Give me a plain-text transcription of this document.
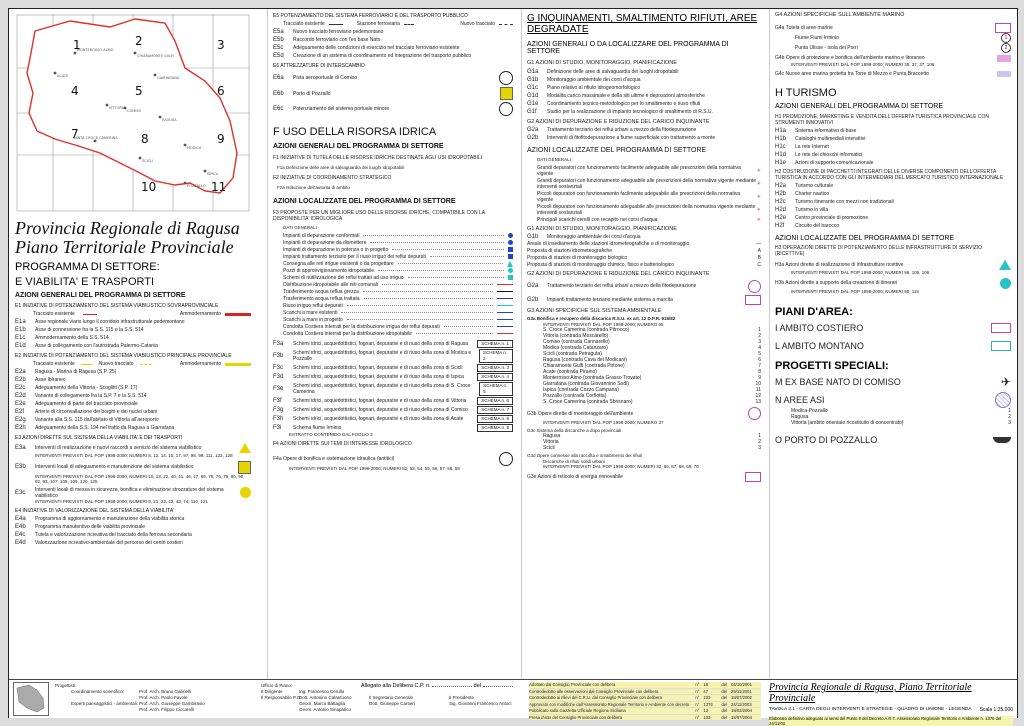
ACATE
CHIARAMONTE GULFI
GIARRATANA
MONTEROSSO ALMO
VITTORIA
COMISO
RAGUSA
SANTA CROCE CAMERINA
SCICLI
ISPICA
POZZALLO
MODICA
1	2	3
4	5	6
7	8	9
10	11
Provincia Regionale di Ragusa
Piano Territoriale Provinciale
PROGRAMMA DI SETTORE:
E VIABILITA' E TRASPORTI
AZIONI GENERALI DEL PROGRAMMA DI SETTORE
E1 INIZIATIVE DI POTENZIAMENTO DEL SISTEMA VIABILISTICO SOVRAPROVINCIALE
Tracciato esistente	Ammodernamento
E1a	Asse regionale viario lungo il corridoio infrastrutturale pedemontano
E1b	Asse di connessione fra la S.S. 115 e la S.S. 514
E1c	Ammodernamento della S.S. 514
E1d	Asse di collegamento con l'autostrada Palermo-Catania
E2 INIZIATIVE DI POTENZIAMENTO DEL SISTEMA VIABILISTICO PRINCIPALE PROVINCIALE
Tracciato esistente	Nuovo tracciato	Ammodernamento
E2a	Ragusa - Marina di Ragusa (S.P. 25)
E2b	Asse Iblraneo
E2c	Adeguamento della Vittoria - Scoglitti (S.P. 17)
E2d	Variante di collegamento fra la S.P. 7 e la S.S. 514
E2e	Adeguamento di parte del tracciato provinciale
E2f	Arterie di circonvallazione dei borghi e dei nuclei urbani
E2g	Variante alla S.S. 115 dall'abitato di Vittoria all'aeroporto
E2h	Adeguamento della S.S. 194 nel tratto da Ragusa a Giarratana
E3 AZIONI DIRETTE SUL SISTEMA DELLA VIABILITA' E DEI TRASPORTI
E3a	Interventi di realizzazione e nuovi raccordi a servizio del sistema viabilistico
INTERVENTI PREVISTI DAL POP 1998-2000; NUMERI 8, 12, 14, 15, 17, 97, 98, 99, 111, 122, 128
E3b	Interventi locali di adeguamento e manutenzione del sistema viabilistico
INTERVENTI PREVISTI DAL POP 1998-2000; NUMERI 10, 13, 22, 40, 41, 46, 47, 69, 75, 76, 79, 80, 90, 92, 93, 107, 108, 109, 120, 125
E3c	Interventi locali di messa in sicurezza, bonifica e eliminazione strozzature del sistema viabilistico
INTERVENTI PREVISTI DAL POP 1998-2000; NUMERI 9, 21, 23, 42, 43, 74, 110, 121
E4 INIZIATIVE DI VALORIZZAZIONE DEL SISTEMA DELLA VIABILITA'
E4a	Programma di aggiornamento e manutenzione della viabilita storica
E4b	Programma manutentivo delle viabilita provinciale
E4c	Tutela e valorizzazione ricreativa del tracciato della ferrovia secondaria
E4d	Valorizzazione ricreativo-ambientale del percorso dei centri costieri
E5 POTENZIAMENTO DEL SISTEMA FERROVIARIO E DEL TRASPORTO PUBBLICO
Tracciato esistente	Stazione ferroviaria	Nuovo tracciato
E5a	Nuovo tracciato ferroviario pedemontano
E5b	Raccordo ferroviario con l'ex base Nato
E5c	Adeguamento delle condizioni di esercizio nel tracciato ferroviario esistente
E5d	Creazione di un sistema di coordinamento ed integrazione del trasporto pubblico
E6 ATTREZZATURE DI INTERSCAMBIO
E6a	Pista aeroportuale di Comiso
E6b	Porto di Pozzallo
E6c	Potenziamento del sistema portuale minore
F USO DELLA RISORSA IDRICA
AZIONI GENERALI DEL PROGRAMMA DI SETTORE
F1 INIZIATIVE DI TUTELA DELLE RISORSE IDRICHE DESTINATE AGLI USI IDROPOTABILI
F1a Definizione delle aree di salvaguardia dei luoghi idropotabili
F2 INIZIATIVE DI COORDINAMENTO STRATEGICO
F2a Istituzione dell'autorita di ambito
AZIONI LOCALIZZATE DEL PROGRAMMA DI SETTORE
F3 PROPOSTE PER UN MIGLIORE USO DELLE RISORSE IDRICHE, COMPATIBILE CON LA DISPONIBILITA' IDROLOGICA
DATI GENERALI
Impianti di depurazione conformati
Impianti di depurazione da dismettere
Impianti di depurazione in potenza o in progetto
Impianti trattamento terziario per il riuso irriguo dei reflui depurati
Consegna alle reti irrigue esistenti o da progettare
Pozzi di approvvigionamento idropotabile
Schemi di riutilizzazione dei reflui trattati ad uso irriguo
Distribuzione idropotabile alle reti comunali
Trasferimento acqua reflua grezza
Trasferimento acqua reflua trattata
Riuso irriguo reflui depurati
Scarichi a mare esistenti
Scarichi a mare in progetto
Condotta Costiera interrati per la distribuzione irrigua dei reflui depurati
Condotta Costiera interrati per la distribuzione idropotabile
F3a	Schemi idrici, acquedottistici, fognari, depurativi e di riuso della zona di Ragusa	SCHEMA n. 1
F3b	Schemi idrici, acquedottistici, fognari, depurativi e di riuso della zona di Modica e Pozzallo
SCHEMA n. 2
F3c	Schemi idrici, acquedottistici, fognari, depurativi e di riuso della zona di Scicli	SCHEMA n. 3
F3d	Schemi idrici, acquedottistici, fognari, depurativi e di riuso della zona di Ispica	SCHEMA n. 4
F3e	Schemi idrici, acquedottistici, fognari, depurativi e di riuso della zona di S. Croce Camerina
SCHEMA n. 5
F3f	Schemi idrici, acquedottistici, fognari, depurativi e di riuso della zona di Vittoria	SCHEMA n. 6
F3g	Schemi idrici, acquedottistici, fognari, depurativi e di riuso della zona di Comiso	SCHEMA n. 7
F3h	Schemi idrici, acquedottistici, fognari, depurativi e di riuso della zona di Acate	SCHEMA n. 8
F3i	Schema fiume Irminio	SCHEMA n. 9
ESTRATTO CONTENIDO DAL FOGLIO 3
F4 AZIONI DIRETTE SUI TEMI DI INTERESSE IDROLOGICO
F4a Opere di bonifica e sistemazione idraulica (antitici)
INTERVENTI PREVISTI DAL POP 1998-2000; NUMERI 52, 53, 54, 55, 56, 57, 58, 59
G INQUINAMENTI, SMALTIMENTO RIFIUTI, AREE DEGRADATE
AZIONI GENERALI O DA LOCALIZZARE DEL PROGRAMMA DI SETTORE
G1 AZIONI DI STUDIO, MONITORAGGIO, PIANIFICAZIONE
G1a	Definizione delle aree di salvaguardia dei luoghi idropotabili
G1b	Monitoraggio ambientale dei corsi d'acqua
G1c	Piano relativo al rifiuto idrogeomorfologico
G1d	Modalita carico massimale e della siti ultime e deposizioni atmosferiche
G1e	Coordinamento tecnico-metodologico per lo smaltimento e riuso rifiuti
G1f	Studio per la realizzazione di impianto tecnologico di smaltimento di R.S.U.
G2 AZIONI DI DEPURAZIONE E RIDUZIONE DEL CARICO INQUINANTE
G2a	Trattamento terziario dei reflui urbani a mezzo della fitodepurazione
G2b	Interventi di fitofitodepurazione a fiume superficiale con trattamento a monte
AZIONI LOCALIZZATE DEL PROGRAMMA DI SETTORE
DATI GENERALI
Grandi depuratori con funzionamento facilmente adeguabile alle prescrizioni della normativa vigente	✳
Grandi depuratori con funzionamento adeguabile alle prescrizioni della normativa vigente mediante interventi sostanziali	✳
Piccoli depuratori con funzionamento facilmente adeguabile alle prescrizioni della normativa vigente	✳
Piccoli depuratori con funzionamento adeguabile alle prescrizioni della normativa vigente mediante interventi sostanziali	✳
Principali scarichi cerelli con recapito nei corsi d'acqua	✳
G1 AZIONI DI STUDIO, MONITORAGGIO, PIANIFICAZIONE
G1b	Monitoraggio ambientale dei corsi d'acqua
Areale di insediamento delle stazioni idrometeografiche e di monitoraggio	—
Proposta di stazioni idrometeografiche	A
Proposta di stazioni di monitoraggio biologico	B
Proposta di stazioni di monitoraggio chimico, fisico e batteriologico	C
G2 AZIONI DI DEPURAZIONE E RIDUZIONE DEL CARICO INQUINANTE
G2a	Trattamento terziario dei reflui urbani a mezzo della fitodepurazione
G2b	Impianti trattamento terziario mediante sistema a marcita
G3 AZIONI SPECIFICHE SUL SISTEMA AMBIENTALE
G3a Bonifica e recupero della discarica R.S.U. ex art. 12 D.P.R. 915/82
INTERVENTI PREVISTI DAL POP 1998-2000; NUMERO 65
S. Croce Camerina (contrada Pitrocco)	1
Vittoria (contrada Moscarello)	2
Comiso (contrada Cannarello)	3
Modica (contrada Catanzaro)	4
Scicli (contrada Petraguta)	5
Ragusa (contrada Cava dei Modicani)	6
Chiaramonte Gulfi (contrada Pirtone)	7
Acate (contrada Piraino)	8
Monterosso Almo (contrada Grasso Trovato)	9
Giarratana (contrada Giovannino Sodi)	10
Ispica (contrada Cozzo Campana)	11
Pozzallo (contrada Corfiotta)	12
S. Croce Camerina (contrada Sbrisnaro)	13
G3b Opere dirette di monitoraggio dell'ambiente
INTERVENTI PREVISTI DAL POP 1998-2000; NUMERO 37
G3c Sistema della discariche a dopo provinciali
Ragusa	1
Vittoria	2
Scicli	3
G3d Opere connesse alla raccolta e smaltimento dei rifiuti
Discariche di rifiuti solidi urbani
INTERVENTI PREVISTI DAL POP 1998-2000; NUMERI 32, 66, 67, 68, 69, 70
G3e Azioni di reticolo di energia rinnovabile
G4 AZIONI SPECIFICHE SULL'AMBIENTE MARINO
G4a Tutela di aree marine
Fiume Fiumi Irminio	1
Punta Ulisse - isola dei Porri	2
G4b Opere di protezione e bonifica dell'ambiente marino e litoraneo
INTERVENTI PREVISTI DAL POP 1998-2000; NUMERI 35, 37, 37, 106
G4c Nuove aree marina protetta fra Torre di Mezzo e Punta Braccetto
H TURISMO
AZIONI GENERALI DEL PROGRAMMA DI SETTORE
H1 PROMOZIONE, MARKETING E VENDITA DELL'OFFERTA TURISTICA PROVINCIALE CON STRUMENTI INNOVATIVI
H1a	Sistema informativo di base
H1b	Cataloghi multimediali interattivi
H1c	La rete Internet
H1d	Le rete dei chioschi informatici
H1e	Azioni di supporto comunicazionale
H2 COSTRUZIONE DI PACCHETTI INTEGRATI DELLE DIVERSE COMPONENTI DELL'OFFERTA TURISTICA IN ACCORDO CON GLI INTERMEDIARI DEL MERCATO TURISTICO INTERNAZIONALE
H2a	Turismo culturale
H2b	Charter nautico
H2c	Turismo itinerante con mezzi non tradizionali
H2d	Turismo in villa
H2e	Centro provinciale di promozione
H2f	Circuito del barocco
AZIONI LOCALIZZATE DEL PROGRAMMA DI SETTORE
H3 OPERAZIONI DIRETTE DI POTENZIAMENTO DELLE INFRASTRUTTURE DI SERVIZIO (RICETTIVE)
H3a Azioni dirette di realizzazione di infrastrutture ricettive
INTERVENTI PREVISTI DAL POP 1998-2000; NUMERI 96, 105, 106
H3b Azioni dirette a supporto della creazione di itinerari
INTERVENTI PREVISTI DAL POP 1998-2000; NUMERI 95, 115
PIANI D'AREA:
I AMBITO COSTIERO
L AMBITO MONTANO
PROGETTI SPECIALI:
M EX BASE NATO DI COMISO	✈
N AREE ASI
Modica-Pozzallo	1
Ragusa	2
Vittoria (ambito orientale ricostituito di concentrato)	3
O PORTO DI POZZALLO
Progettisti:
Coordinamento scientifico:	Prof. Arch. Bruno Gabrielli
Prof. Arch. Paolo Favole
Esperti paesaggistici - ambientali: Prof. Arch. Giuseppe Gambirasio
Prof. Arch. Filippo Ciccarelli
Ufficio di Piano:
Il Dirigente	Ing. Francesco Cerullo
Il Responsabile P.O.
Dott. Antonino Calantuono
Geom. Marco Battaglia
Geom. Antonio Sinapatico
Allegato alla Delibera C.P. n.	del
Il Segretario Generale
Dott. Giuseppe Cartieri
Il Presidente
Sig. Giovanni Francesco Antoci
Adottato dal Consiglio Provinciale con delibera	n° 16	del 04/10/2001
Controdedotto alle osservazioni dal Consiglio Provinciale con delibera	n° 47	del 29/11/2001
Controdedotto ai rilievi del C.R.U. dal Consiglio Provinciale con delibera	n° 103	del 18/07/2002
Approvato con modifiche dall'Assessorato Regionale Territorio e Ambiente con decreto	n° 1376	del 24/11/2003
Pubblicato sulla Gazzetta Ufficiale Regione Siciliana	n° 13	del 19/03/2004
Presa d'atto del Consiglio Provinciale con delibera	n° 103	del 18/07/2004
Provincia Regionale di Ragusa, Piano Territoriale Provinciale
TAVOLA 3.1 - CARTA DEGLI INTERVENTI E STRATEGIE - QUADRO DI UNIONE - LEGENDA Scala 1:25.000
Elaborato definitivo adeguato ai sensi del Punto 9 del Decreto A.R.T. Assessorato Regionale Territorio e Ambiente n. 1376 del 24/11/03
